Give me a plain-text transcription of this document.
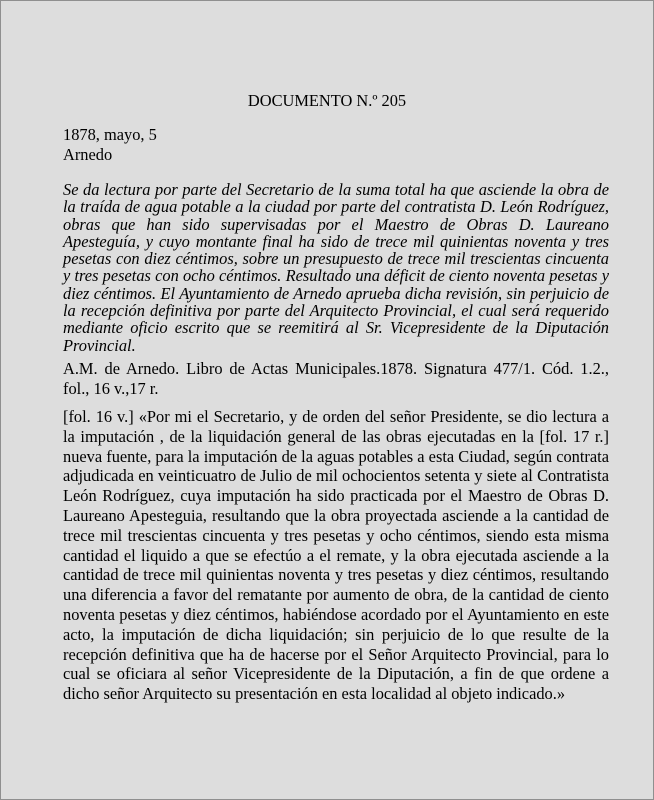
DOCUMENTO N.º 205
1878, mayo, 5
Arnedo

Se da lectura por parte del Secretario de la suma total ha que asciende la obra de la traída de agua potable a la ciudad por parte del contratista D. León Rodríguez, obras que han sido supervisadas por el Maestro de Obras D. Laureano Apesteguía, y cuyo montante final ha sido de trece mil quinientas noventa y tres pesetas con diez céntimos, sobre un presupuesto de trece mil trescientas cincuenta y tres pesetas con ocho céntimos. Resultado una déficit de ciento noventa pesetas y diez céntimos. El Ayuntamiento de Arnedo aprueba dicha revisión, sin perjuicio de la recepción definitiva por parte del Arquitecto Provincial, el cual será requerido mediante oficio escrito que se reemitirá al Sr. Vicepresidente de la Diputación Provincial.

A.M. de Arnedo. Libro de Actas Municipales.1878. Signatura 477/1. Cód. 1.2., fol., 16 v.,17 r.

[fol. 16 v.] «Por mi el Secretario, y de orden del señor Presidente, se dio lectura a la imputación , de la liquidación general de las obras ejecutadas en la [fol. 17 r.] nueva fuente, para la imputación de la aguas potables a esta Ciudad, según contrata adjudicada en veinticuatro de Julio de mil ochocientos setenta y siete al Contratista León Rodríguez, cuya imputación ha sido practicada por el Maestro de Obras D. Laureano Apesteguia, resultando que la obra proyectada asciende a la cantidad de trece mil trescientas cincuenta y tres pesetas y ocho céntimos, siendo esta misma cantidad el liquido a que se efectúo a el remate, y la obra ejecutada asciende a la cantidad de trece mil quinientas noventa y tres pesetas y diez céntimos, resultando una diferencia a favor del rematante por aumento de obra, de la cantidad de ciento noventa pesetas y diez céntimos, habiéndose acordado por el Ayuntamiento en este acto, la imputación de dicha liquidación; sin perjuicio de lo que resulte de la recepción definitiva que ha de hacerse por el Señor Arquitecto Provincial, para lo cual se oficiara al señor Vicepresidente de la Diputación, a fin de que ordene a dicho señor Arquitecto su presentación en esta localidad al objeto indicado.»
